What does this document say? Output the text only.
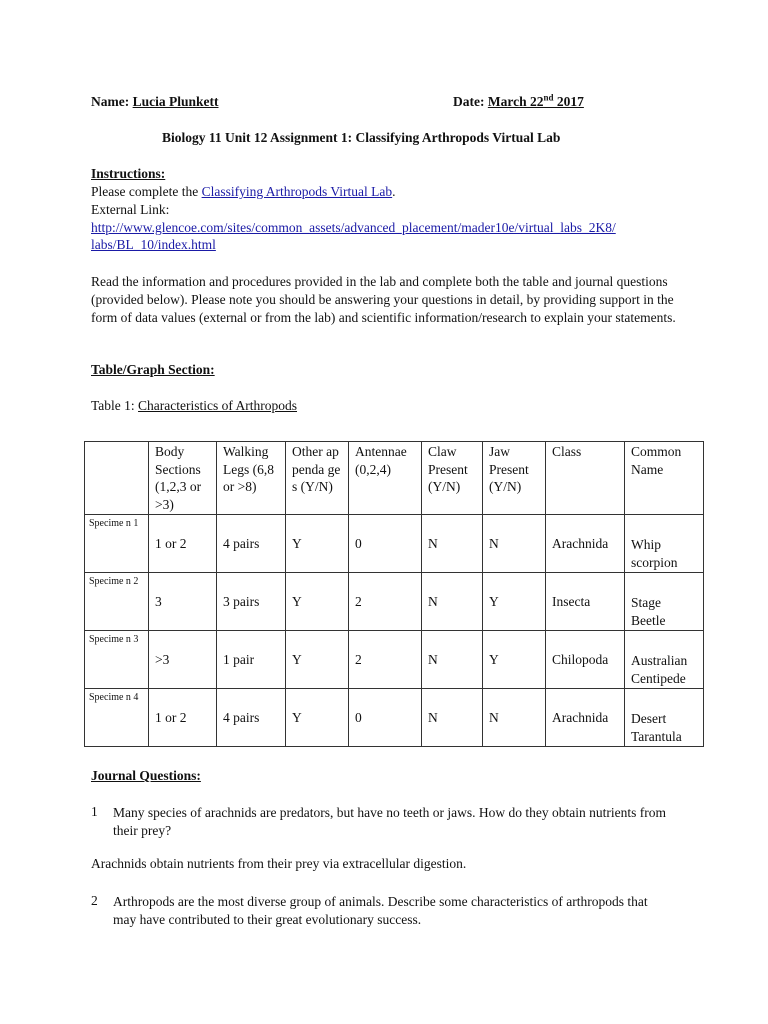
Name: Lucia Plunkett	Date: March 22nd 2017
Biology 11 Unit 12 Assignment 1: Classifying Arthropods Virtual Lab
Instructions:
Please complete the Classifying Arthropods Virtual Lab.
External Link:
http://www.glencoe.com/sites/common_assets/advanced_placement/mader10e/virtual_labs_2K8/
labs/BL_10/index.html
Read the information and procedures provided in the lab and complete both the table and journal questions (provided below). Please note you should be answering your questions in detail, by providing support in the form of data values (external or from the lab) and scientific information/research to explain your statements.
Table/Graph Section:
Table 1: Characteristics of Arthropods
	Body Sections (1,2,3 or >3)	Walking Legs (6,8 or >8)	Other appenda ges (Y/N)	Antennae (0,2,4)	Claw Present (Y/N)	Jaw Present (Y/N)	Class	Common Name
Specime n 1	1 or 2	4 pairs	Y	0	N	N	Arachnida	Whip scorpion
Specime n 2	3	3 pairs	Y	2	N	Y	Insecta	Stage Beetle
Specime n 3	>3	1 pair	Y	2	N	Y	Chilopoda	Australian Centipede
Specime n 4	1 or 2	4 pairs	Y	0	N	N	Arachnida	Desert Tarantula
Journal Questions:
1 Many species of arachnids are predators, but have no teeth or jaws. How do they obtain nutrients from their prey?
Arachnids obtain nutrients from their prey via extracellular digestion.
2 Arthropods are the most diverse group of animals. Describe some characteristics of arthropods that may have contributed to their great evolutionary success.
